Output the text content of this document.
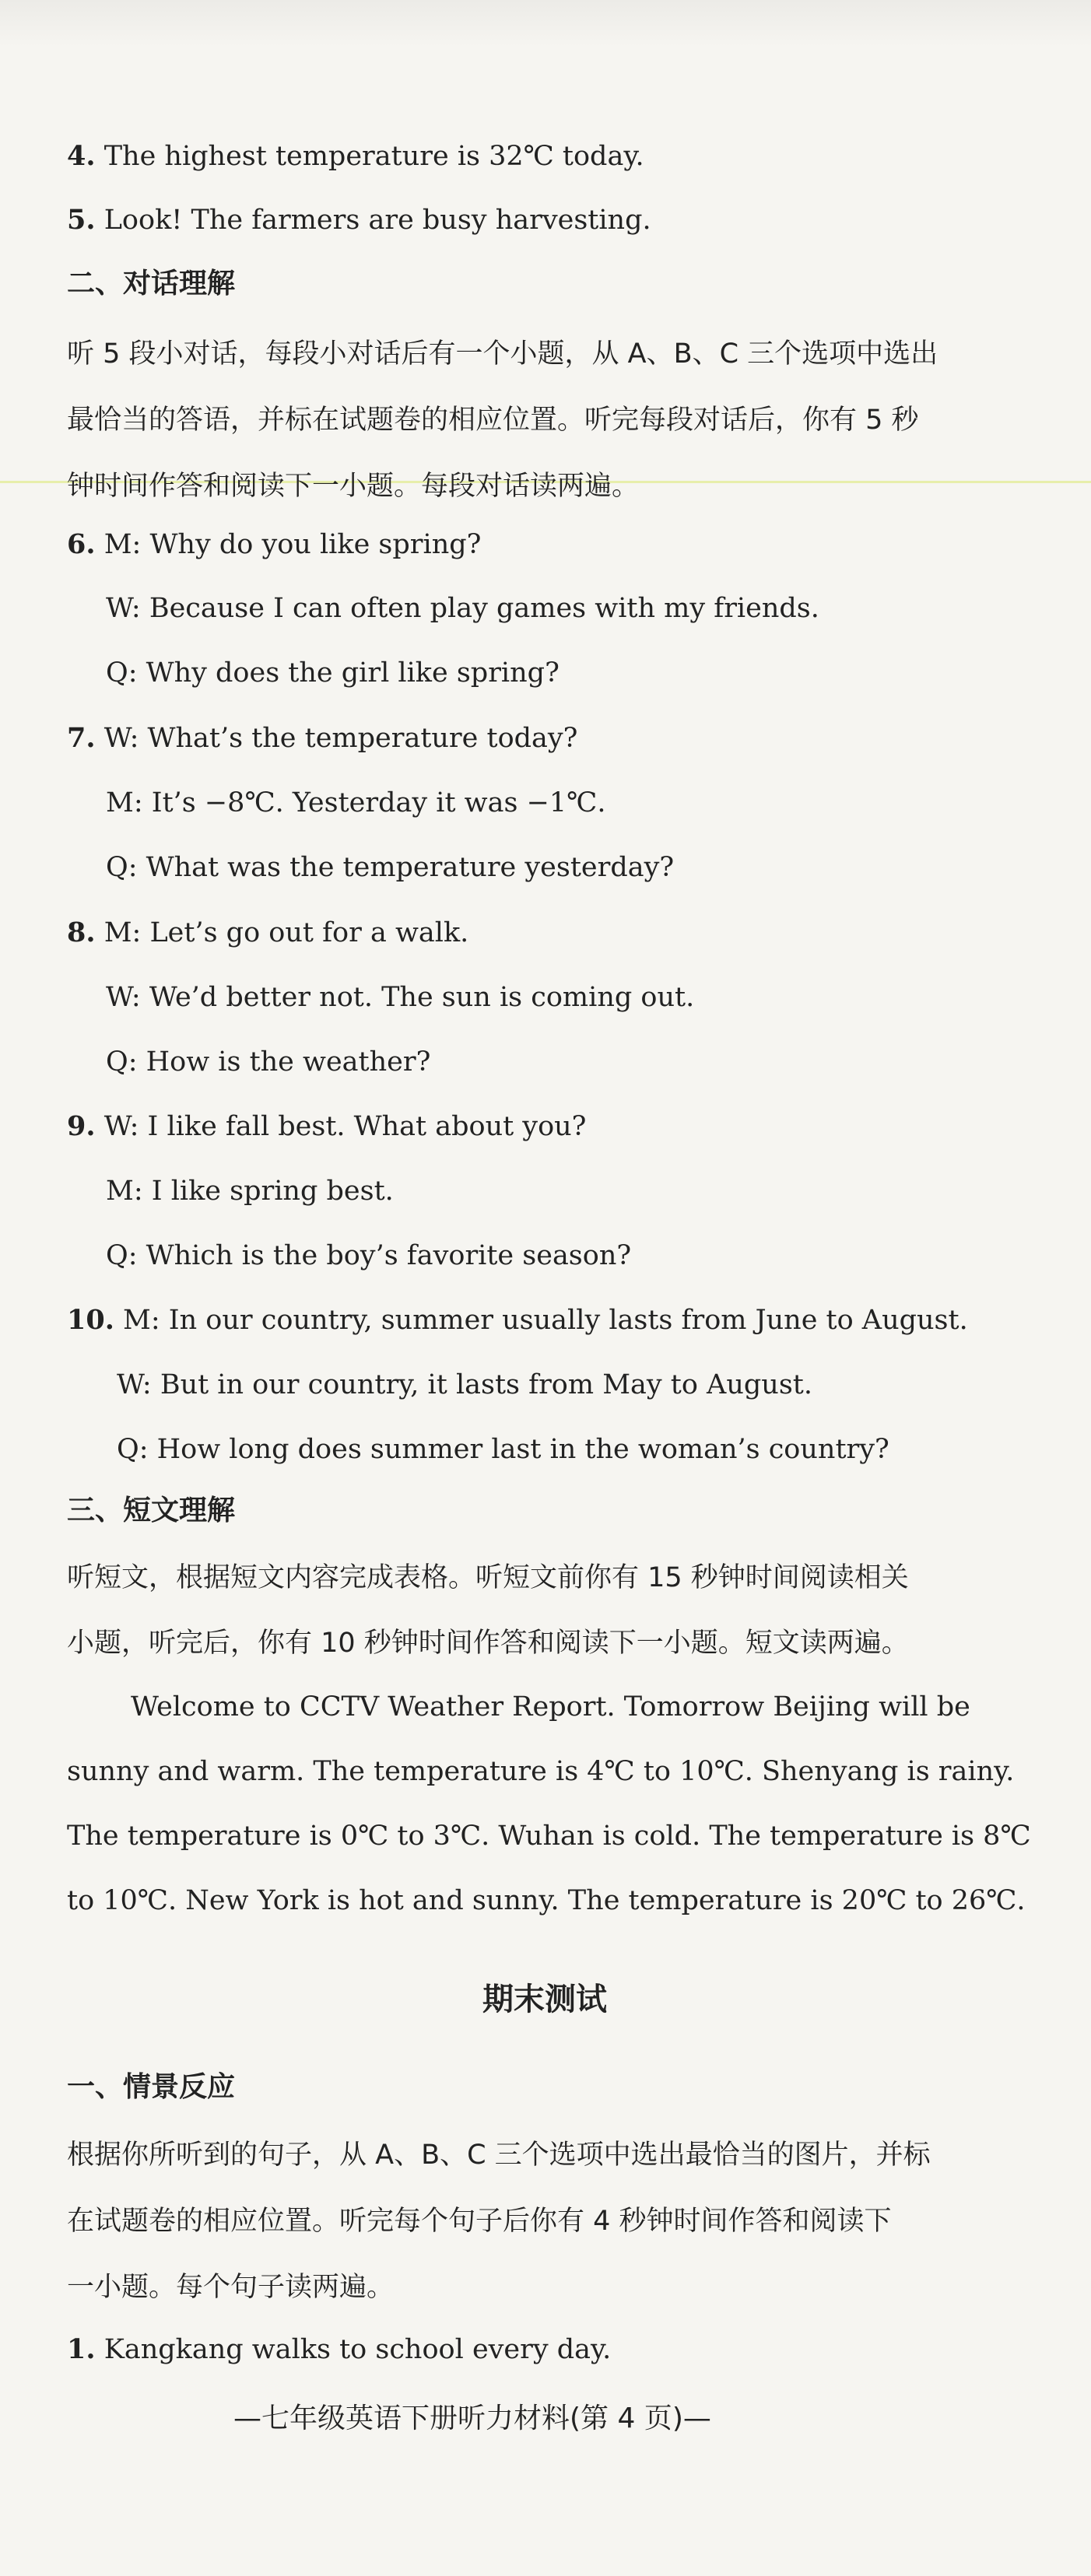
4. The highest temperature is 32℃ today.
5. Look! The farmers are busy harvesting.
二、对话理解
听 5 段小对话，每段小对话后有一个小题，从 A、B、C 三个选项中选出
最恰当的答语，并标在试题卷的相应位置。听完每段对话后，你有 5 秒
钟时间作答和阅读下一小题。每段对话读两遍。
6. M: Why do you like spring?
W: Because I can often play games with my friends.
Q: Why does the girl like spring?
7. W: What’s the temperature today?
M: It’s −8℃. Yesterday it was −1℃.
Q: What was the temperature yesterday?
8. M: Let’s go out for a walk.
W: We’d better not. The sun is coming out.
Q: How is the weather?
9. W: I like fall best. What about you?
M: I like spring best.
Q: Which is the boy’s favorite season?
10. M: In our country, summer usually lasts from June to August.
W: But in our country, it lasts from May to August.
Q: How long does summer last in the woman’s country?
三、短文理解
听短文，根据短文内容完成表格。听短文前你有 15 秒钟时间阅读相关
小题，听完后，你有 10 秒钟时间作答和阅读下一小题。短文读两遍。
Welcome to CCTV Weather Report. Tomorrow Beijing will be
sunny and warm. The temperature is 4℃ to 10℃. Shenyang is rainy.
The temperature is 0℃ to 3℃. Wuhan is cold. The temperature is 8℃
to 10℃. New York is hot and sunny. The temperature is 20℃ to 26℃.
期末测试
一、情景反应
根据你所听到的句子，从 A、B、C 三个选项中选出最恰当的图片，并标
在试题卷的相应位置。听完每个句子后你有 4 秒钟时间作答和阅读下
一小题。每个句子读两遍。
1. Kangkang walks to school every day.
—七年级英语下册听力材料(第 4 页)—
